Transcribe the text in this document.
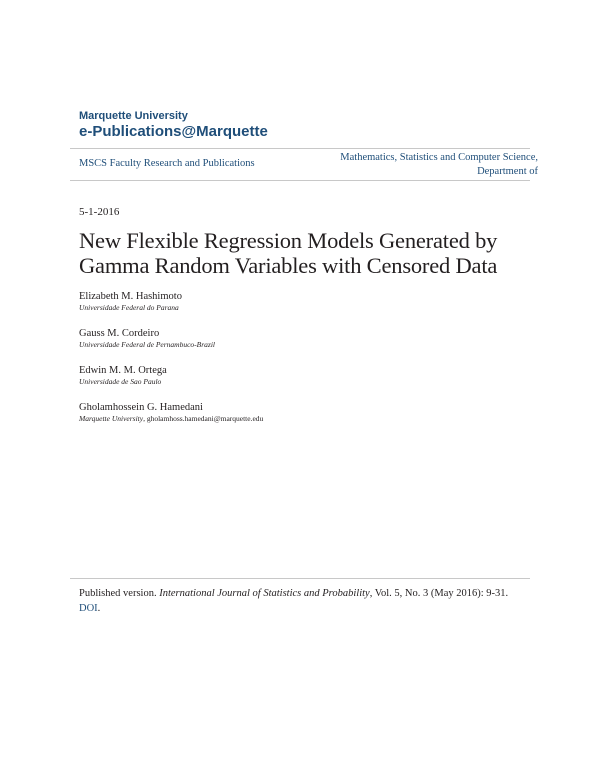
Marquette University
e-Publications@Marquette
MSCS Faculty Research and Publications
Mathematics, Statistics and Computer Science,
Department of
5-1-2016
New Flexible Regression Models Generated by Gamma Random Variables with Censored Data
Elizabeth M. Hashimoto
Universidade Federal do Parana
Gauss M. Cordeiro
Universidade Federal de Pernambuco-Brazil
Edwin M. M. Ortega
Universidade de Sao Paulo
Gholamhossein G. Hamedani
Marquette University, gholamhoss.hamedani@marquette.edu
Published version. International Journal of Statistics and Probability, Vol. 5, No. 3 (May 2016): 9-31.
DOI.
